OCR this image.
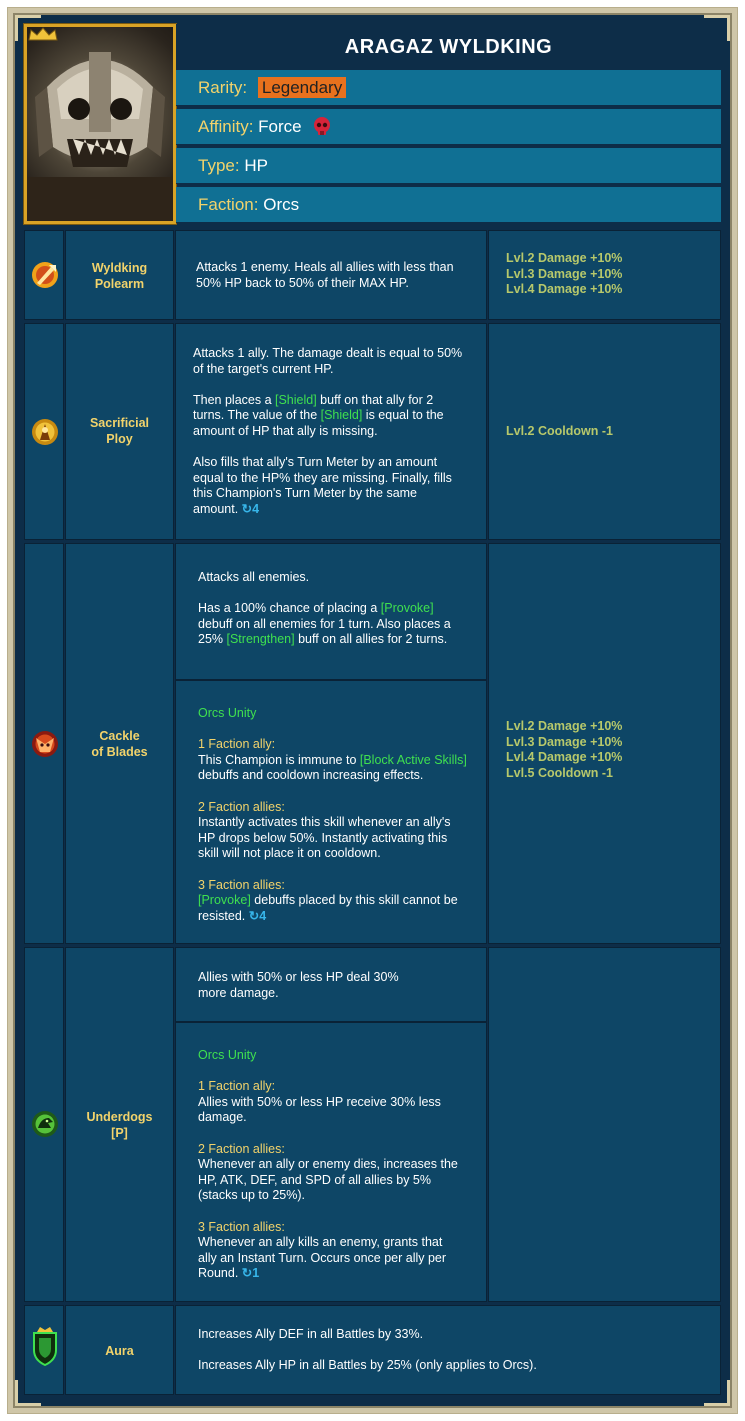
ARAGAZ WYLDKING
Rarity: Legendary
Affinity: Force
Type: HP
Faction: Orcs
Wyldking
Polearm

Attacks 1 enemy. Heals all allies with less than 50% HP back to 50% of their MAX HP.

Lvl.2 Damage +10%
Lvl.3 Damage +10%
Lvl.4 Damage +10%
Sacrificial
Ploy

Attacks 1 ally. The damage dealt is equal to 50% of the target's current HP.

Then places a [Shield] buff on that ally for 2 turns. The value of the [Shield] is equal to the amount of HP that ally is missing.

Also fills that ally's Turn Meter by an amount equal to the HP% they are missing. Finally, fills this Champion's Turn Meter by the same amount. ↻4

Lvl.2 Cooldown -1
Cackle
of Blades

Attacks all enemies.

Has a 100% chance of placing a [Provoke] debuff on all enemies for 1 turn. Also places a 25% [Strengthen] buff on all allies for 2 turns.

Orcs Unity

1 Faction ally:
This Champion is immune to [Block Active Skills] debuffs and cooldown increasing effects.

2 Faction allies:
Instantly activates this skill whenever an ally's HP drops below 50%. Instantly activating this skill will not place it on cooldown.

3 Faction allies:
[Provoke] debuffs placed by this skill cannot be resisted. ↻4

Lvl.2 Damage +10%
Lvl.3 Damage +10%
Lvl.4 Damage +10%
Lvl.5 Cooldown -1
Underdogs
[P]

Allies with 50% or less HP deal 30% more damage.

Orcs Unity

1 Faction ally:
Allies with 50% or less HP receive 30% less damage.

2 Faction allies:
Whenever an ally or enemy dies, increases the HP, ATK, DEF, and SPD of all allies by 5% (stacks up to 25%).

3 Faction allies:
Whenever an ally kills an enemy, grants that ally an Instant Turn. Occurs once per ally per Round. ↻1

Aura

Increases Ally DEF in all Battles by 33%.

Increases Ally HP in all Battles by 25% (only applies to Orcs).
